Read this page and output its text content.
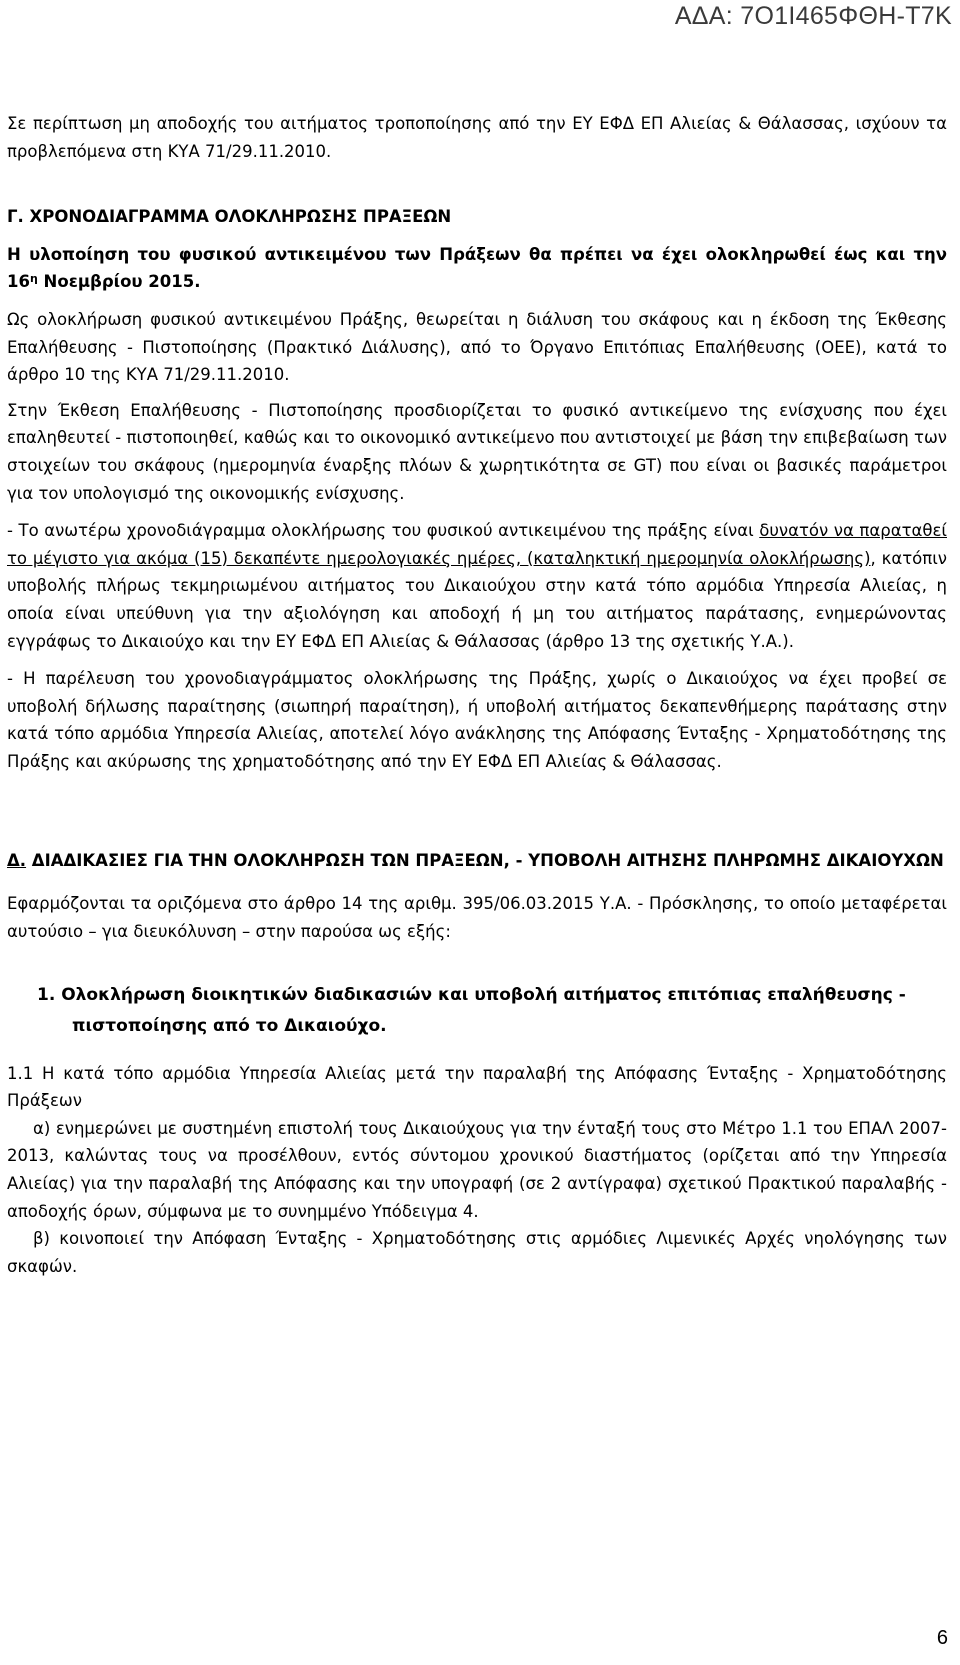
ΑΔΑ: 7Ο1Ι465ΦΘΗ-Τ7Κ

Σε περίπτωση μη αποδοχής του αιτήματος τροποποίησης από την ΕΥ ΕΦΔ ΕΠ Αλιείας & Θάλασσας, ισχύουν τα προβλεπόμενα στη ΚΥΑ 71/29.11.2010.

Γ. ΧΡΟΝΟΔΙΑΓΡΑΜΜΑ ΟΛΟΚΛΗΡΩΣΗΣ ΠΡΑΞΕΩΝ

Η υλοποίηση του φυσικού αντικειμένου των Πράξεων θα πρέπει να έχει ολοκληρωθεί έως και την $16^\eta$ Νοεμβρίου 2015.

Ως ολοκλήρωση φυσικού αντικειμένου Πράξης, θεωρείται η διάλυση του σκάφους και η έκδοση της Έκθεσης Επαλήθευσης - Πιστοποίησης (Πρακτικό Διάλυσης), από το Όργανο Επιτόπιας Επαλήθευσης (ΟΕΕ), κατά το άρθρο 10 της ΚΥΑ 71/29.11.2010.

Στην Έκθεση Επαλήθευσης - Πιστοποίησης προσδιορίζεται το φυσικό αντικείμενο της ενίσχυσης που έχει επαληθευτεί - πιστοποιηθεί, καθώς και το οικονομικό αντικείμενο που αντιστοιχεί με βάση την επιβεβαίωση των στοιχείων του σκάφους (ημερομηνία έναρξης πλόων & χωρητικότητα σε GT) που είναι οι βασικές παράμετροι για τον υπολογισμό της οικονομικής ενίσχυσης.

- Το ανωτέρω χρονοδιάγραμμα ολοκλήρωσης του φυσικού αντικειμένου της πράξης είναι δυνατόν να παραταθεί το μέγιστο για ακόμα (15) δεκαπέντε ημερολογιακές ημέρες, (καταληκτική ημερομηνία ολοκλήρωσης), κατόπιν υποβολής πλήρως τεκμηριωμένου αιτήματος του Δικαιούχου στην κατά τόπο αρμόδια Υπηρεσία Αλιείας, η οποία είναι υπεύθυνη για την αξιολόγηση και αποδοχή ή μη του αιτήματος παράτασης, ενημερώνοντας εγγράφως το Δικαιούχο και την ΕΥ ΕΦΔ ΕΠ Αλιείας & Θάλασσας (άρθρο 13 της σχετικής Υ.Α.).

- Η παρέλευση του χρονοδιαγράμματος ολοκλήρωσης της Πράξης, χωρίς ο Δικαιούχος να έχει προβεί σε υποβολή δήλωσης παραίτησης (σιωπηρή παραίτηση), ή υποβολή αιτήματος δεκαπενθήμερης παράτασης στην κατά τόπο αρμόδια Υπηρεσία Αλιείας, αποτελεί λόγο ανάκλησης της Απόφασης Ένταξης - Χρηματοδότησης της Πράξης και ακύρωσης της χρηματοδότησης από την ΕΥ ΕΦΔ ΕΠ Αλιείας & Θάλασσας.

Δ. ΔΙΑΔΙΚΑΣΙΕΣ ΓΙΑ ΤΗΝ ΟΛΟΚΛΗΡΩΣΗ ΤΩΝ ΠΡΑΞΕΩΝ, - ΥΠΟΒΟΛΗ ΑΙΤΗΣΗΣ ΠΛΗΡΩΜΗΣ ΔΙΚΑΙΟΥΧΩΝ

Εφαρμόζονται τα οριζόμενα στο άρθρο 14 της αριθμ. 395/06.03.2015 Υ.Α. - Πρόσκλησης, το οποίο μεταφέρεται αυτούσιο – για διευκόλυνση – στην παρούσα ως εξής:

1. Ολοκλήρωση διοικητικών διαδικασιών και υποβολή αιτήματος επιτόπιας επαλήθευσης - πιστοποίησης από το Δικαιούχο.

1.1 Η κατά τόπο αρμόδια Υπηρεσία Αλιείας μετά την παραλαβή της Απόφασης Ένταξης - Χρηματοδότησης Πράξεων

α) ενημερώνει με συστημένη επιστολή τους Δικαιούχους για την ένταξή τους στο Μέτρο 1.1 του ΕΠΑΛ 2007-2013, καλώντας τους να προσέλθουν, εντός σύντομου χρονικού διαστήματος (ορίζεται από την Υπηρεσία Αλιείας) για την παραλαβή της Απόφασης και την υπογραφή (σε 2 αντίγραφα) σχετικού Πρακτικού παραλαβής - αποδοχής όρων, σύμφωνα με το συνημμένο Υπόδειγμα 4.

β) κοινοποιεί την Απόφαση Ένταξης - Χρηματοδότησης στις αρμόδιες Λιμενικές Αρχές νηολόγησης των σκαφών.

6
